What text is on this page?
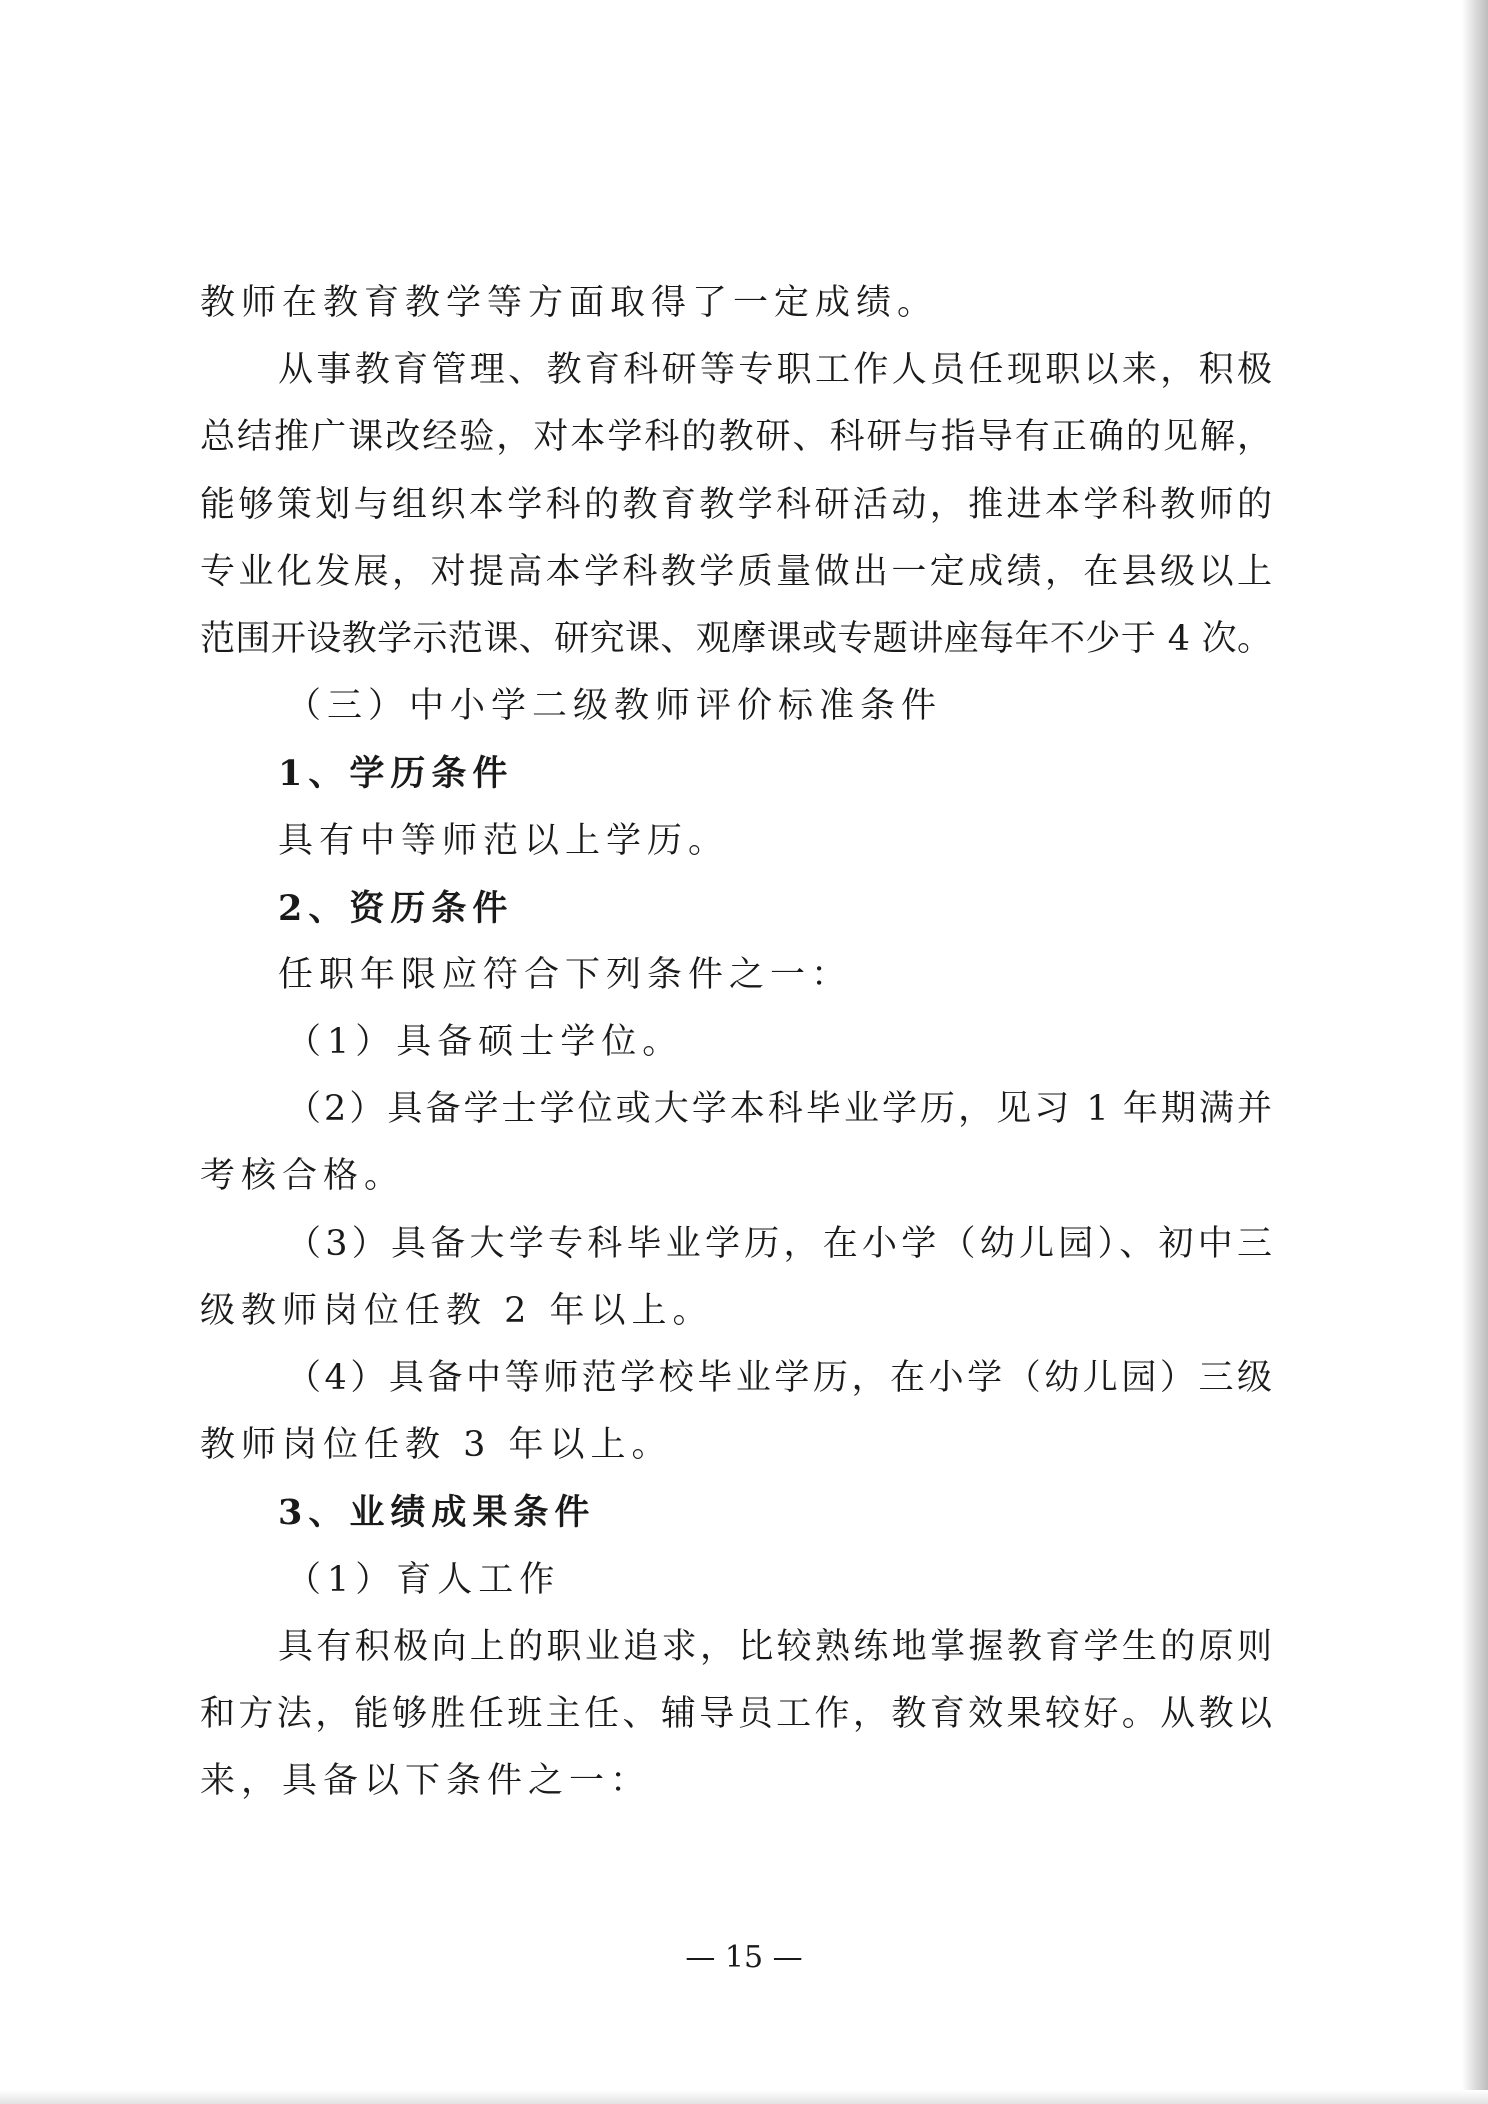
教师在教育教学等方面取得了一定成绩。
从事教育管理、教育科研等专职工作人员任现职以来，积极
总结推广课改经验，对本学科的教研、科研与指导有正确的见解，
能够策划与组织本学科的教育教学科研活动，推进本学科教师的
专业化发展，对提高本学科教学质量做出一定成绩，在县级以上
范围开设教学示范课、研究课、观摩课或专题讲座每年不少于 4 次。
（三）中小学二级教师评价标准条件
1、学历条件
具有中等师范以上学历。
2、资历条件
任职年限应符合下列条件之一：
（1）具备硕士学位。
（2）具备学士学位或大学本科毕业学历，见习 1 年期满并
考核合格。
（3）具备大学专科毕业学历，在小学（幼儿园）、初中三
级教师岗位任教 2 年以上。
（4）具备中等师范学校毕业学历，在小学（幼儿园）三级
教师岗位任教 3 年以上。
3、业绩成果条件
（1）育人工作
具有积极向上的职业追求，比较熟练地掌握教育学生的原则
和方法，能够胜任班主任、辅导员工作，教育效果较好。从教以
来，具备以下条件之一：
— 15 —
